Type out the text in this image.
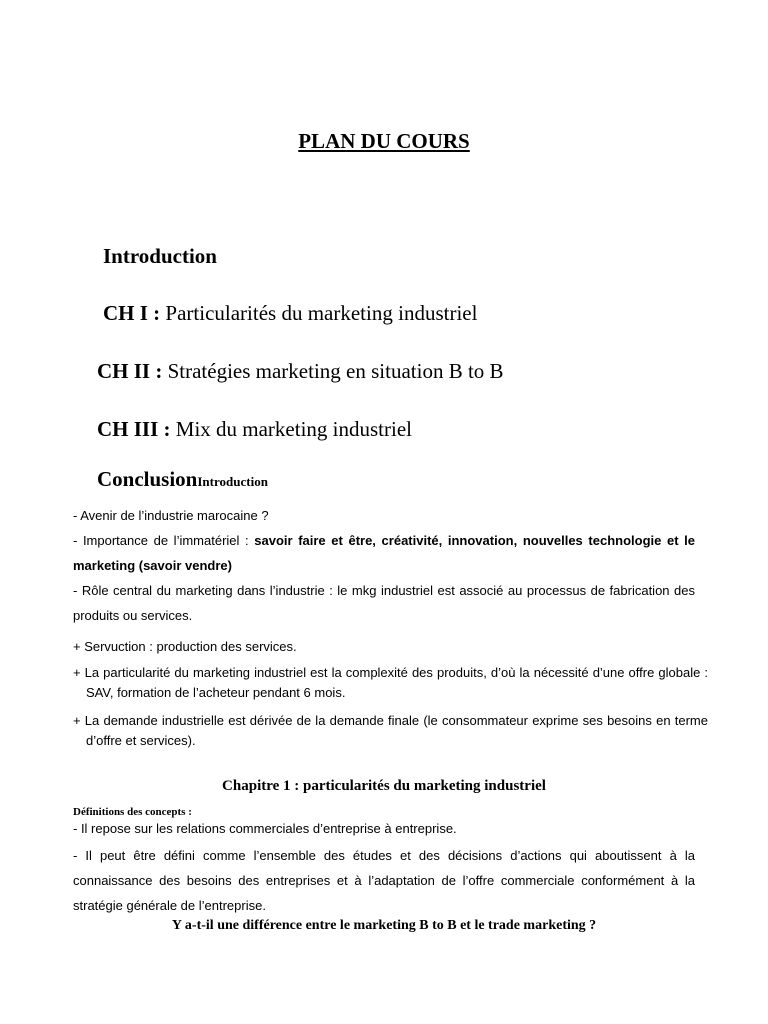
PLAN DU COURS
Introduction
CH I : Particularités du marketing industriel
CH II : Stratégies marketing en situation B to B
CH III : Mix du marketing industriel
ConclusionIntroduction
- Avenir de l’industrie marocaine ?
- Importance de l’immatériel : savoir faire et être, créativité, innovation, nouvelles technologie et le marketing (savoir vendre)
- Rôle central du marketing dans l’industrie : le mkg industriel est associé au processus de fabrication des produits ou services.
+ Servuction : production des services.
+ La particularité du marketing industriel est la complexité des produits, d’où la nécessité d’une offre globale : SAV, formation de l’acheteur pendant 6 mois.
+ La demande industrielle est dérivée de la demande finale (le consommateur exprime ses besoins en terme d’offre et services).
Chapitre 1 : particularités du marketing industriel
Définitions des concepts :
- Il repose sur les relations commerciales d’entreprise à entreprise.
- Il peut être défini comme l’ensemble des études et des décisions d’actions qui aboutissent à la connaissance des besoins des entreprises et à l’adaptation de l’offre commerciale conformément à la stratégie générale de l’entreprise.
Y a-t-il une différence entre le marketing B to B et le trade marketing ?
